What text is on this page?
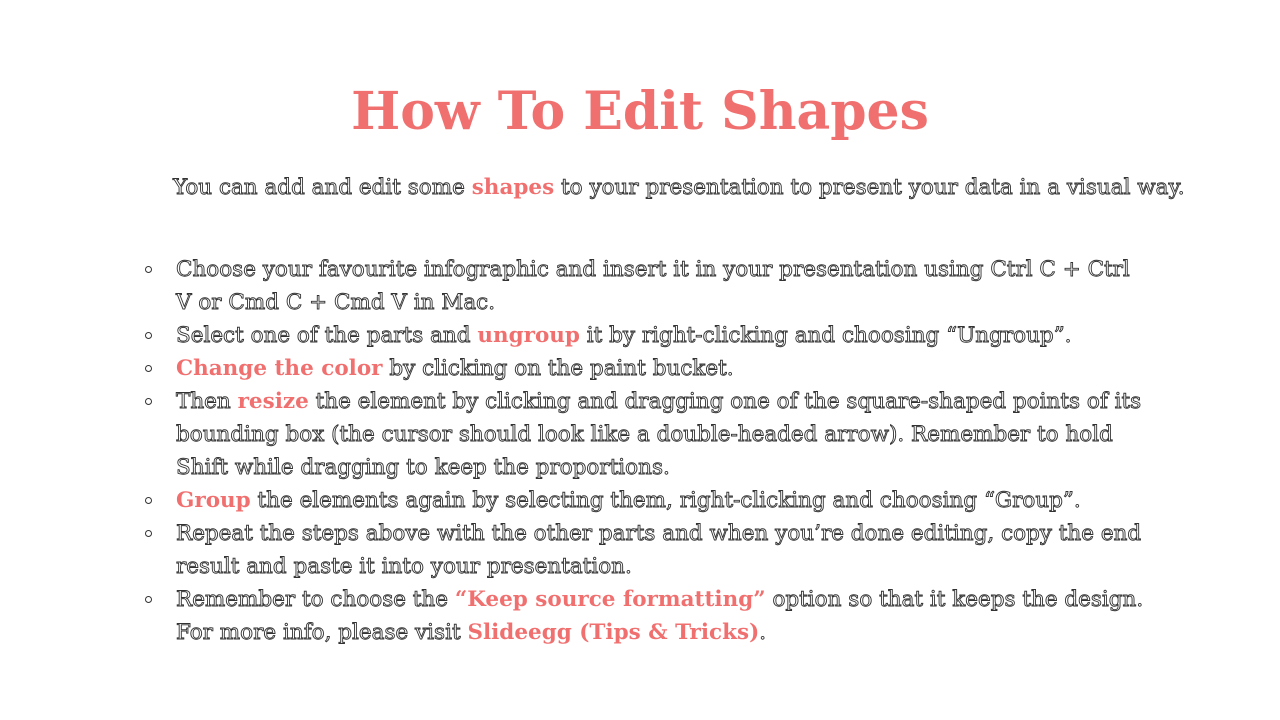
How To Edit Shapes

You can add and edit some shapes to your presentation to present your data in a visual way.

Choose your favourite infographic and insert it in your presentation using Ctrl C + Ctrl V or Cmd C + Cmd V in Mac.
Select one of the parts and ungroup it by right-clicking and choosing “Ungroup”.
Change the color by clicking on the paint bucket.
Then resize the element by clicking and dragging one of the square-shaped points of its bounding box (the cursor should look like a double-headed arrow). Remember to hold Shift while dragging to keep the proportions.
Group the elements again by selecting them, right-clicking and choosing “Group”.
Repeat the steps above with the other parts and when you’re done editing, copy the end result and paste it into your presentation.
Remember to choose the “Keep source formatting” option so that it keeps the design. For more info, please visit Slideegg (Tips & Tricks).
